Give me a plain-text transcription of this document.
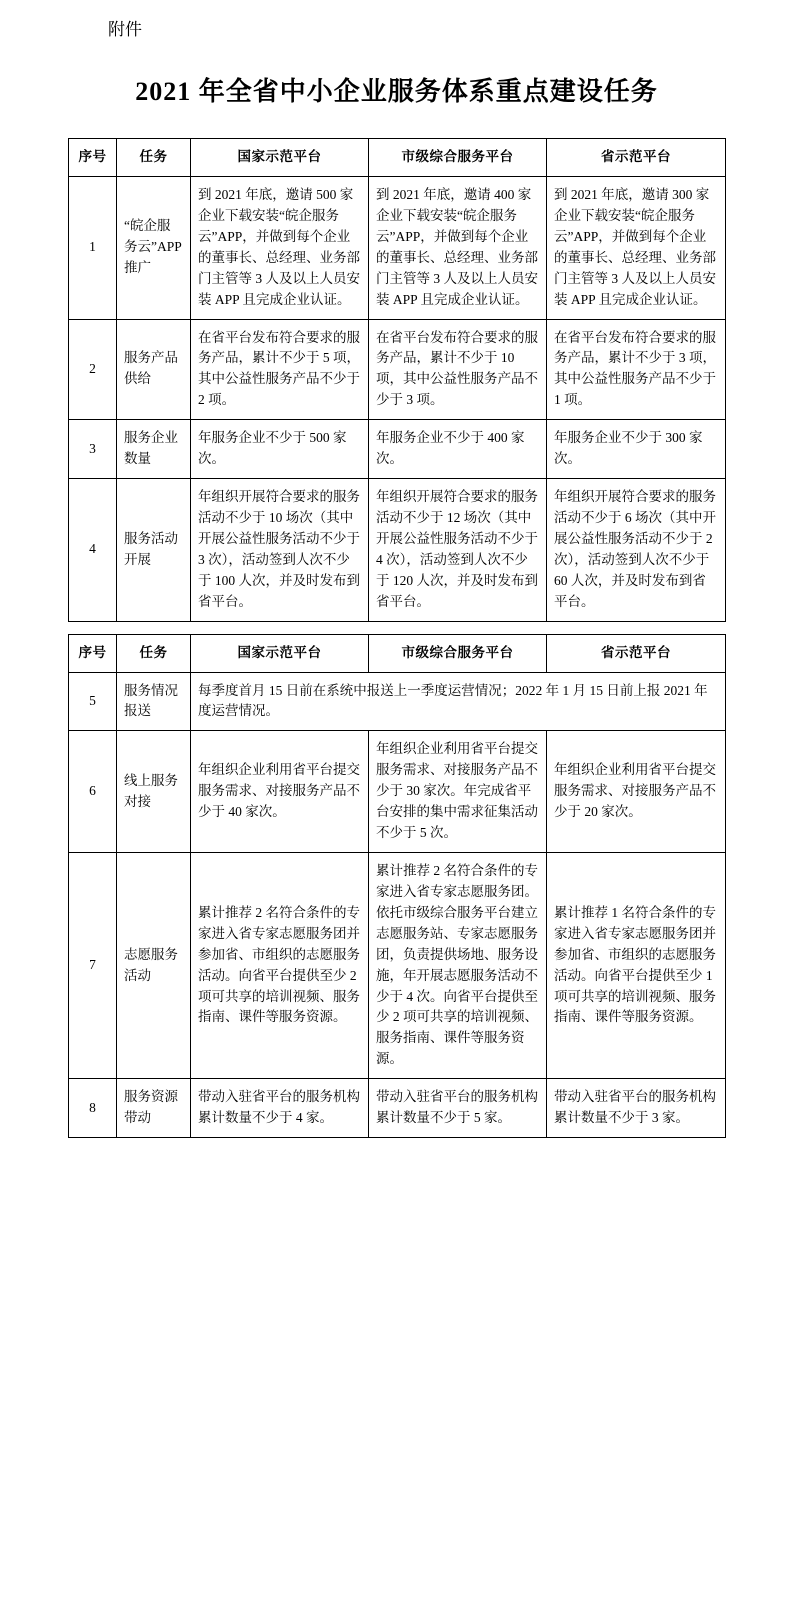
附件
2021 年全省中小企业服务体系重点建设任务
序号	任务	国家示范平台	市级综合服务平台	省示范平台
1	“皖企服务云”APP 推广	到 2021 年底，邀请 500 家企业下载安装“皖企服务云”APP，并做到每个企业的董事长、总经理、业务部门主管等 3 人及以上人员安装 APP 且完成企业认证。	到 2021 年底，邀请 400 家企业下载安装“皖企服务云”APP，并做到每个企业的董事长、总经理、业务部门主管等 3 人及以上人员安装 APP 且完成企业认证。	到 2021 年底，邀请 300 家企业下载安装“皖企服务云”APP，并做到每个企业的董事长、总经理、业务部门主管等 3 人及以上人员安装 APP 且完成企业认证。
2	服务产品供给	在省平台发布符合要求的服务产品，累计不少于 5 项，其中公益性服务产品不少于 2 项。	在省平台发布符合要求的服务产品，累计不少于 10 项，其中公益性服务产品不少于 3 项。	在省平台发布符合要求的服务产品，累计不少于 3 项，其中公益性服务产品不少于 1 项。
3	服务企业数量	年服务企业不少于 500 家次。	年服务企业不少于 400 家次。	年服务企业不少于 300 家次。
4	服务活动开展	年组织开展符合要求的服务活动不少于 10 场次（其中开展公益性服务活动不少于 3 次），活动签到人次不少于 100 人次，并及时发布到省平台。	年组织开展符合要求的服务活动不少于 12 场次（其中开展公益性服务活动不少于 4 次），活动签到人次不少于 120 人次，并及时发布到省平台。	年组织开展符合要求的服务活动不少于 6 场次（其中开展公益性服务活动不少于 2 次），活动签到人次不少于 60 人次，并及时发布到省平台。
序号	任务	国家示范平台	市级综合服务平台	省示范平台
5	服务情况报送	每季度首月 15 日前在系统中报送上一季度运营情况；2022 年 1 月 15 日前上报 2021 年度运营情况。		
6	线上服务对接	年组织企业利用省平台提交服务需求、对接服务产品不少于 40 家次。	年组织企业利用省平台提交服务需求、对接服务产品不少于 30 家次。年完成省平台安排的集中需求征集活动不少于 5 次。	年组织企业利用省平台提交服务需求、对接服务产品不少于 20 家次。
7	志愿服务活动	累计推荐 2 名符合条件的专家进入省专家志愿服务团并参加省、市组织的志愿服务活动。向省平台提供至少 2 项可共享的培训视频、服务指南、课件等服务资源。	累计推荐 2 名符合条件的专家进入省专家志愿服务团。依托市级综合服务平台建立志愿服务站、专家志愿服务团，负责提供场地、服务设施，年开展志愿服务活动不少于 4 次。向省平台提供至少 2 项可共享的培训视频、服务指南、课件等服务资源。	累计推荐 1 名符合条件的专家进入省专家志愿服务团并参加省、市组织的志愿服务活动。向省平台提供至少 1 项可共享的培训视频、服务指南、课件等服务资源。
8	服务资源带动	带动入驻省平台的服务机构累计数量不少于 4 家。	带动入驻省平台的服务机构累计数量不少于 5 家。	带动入驻省平台的服务机构累计数量不少于 3 家。
